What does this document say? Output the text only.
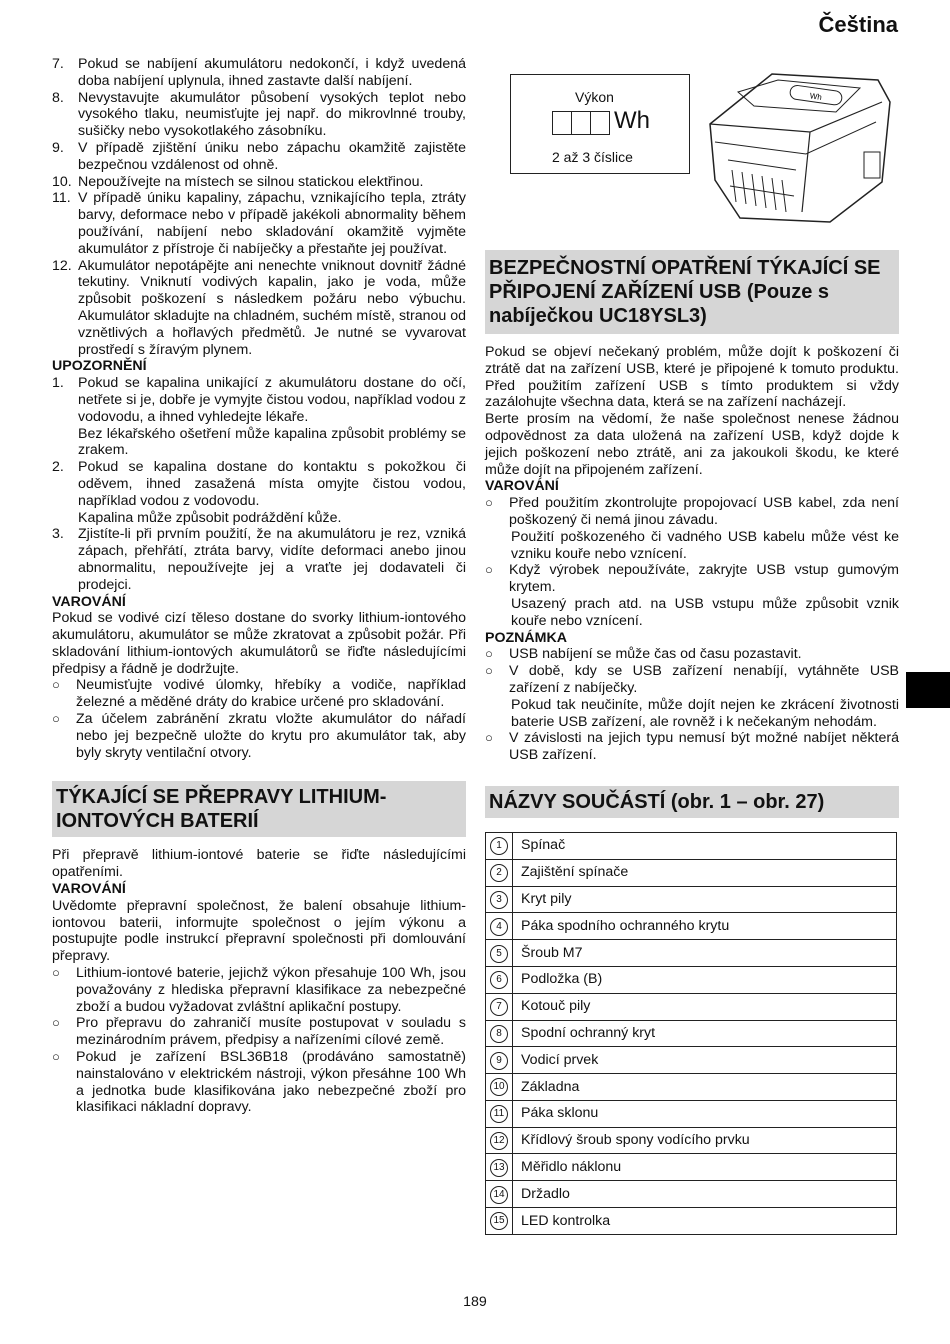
Čeština
7. Pokud se nabíjení akumulátoru nedokončí, i když uvedená doba nabíjení uplynula, ihned zastavte další nabíjení.
8. Nevystavujte akumulátor působení vysokých teplot nebo vysokého tlaku, neumisťujte jej např. do mikrovlnné trouby, sušičky nebo vysokotlakého zásobníku.
9. V případě zjištění úniku nebo zápachu okamžitě zajistěte bezpečnou vzdálenost od ohně.
10. Nepoužívejte na místech se silnou statickou elektřinou.
11. V případě úniku kapaliny, zápachu, vznikajícího tepla, ztráty barvy, deformace nebo v případě jakékoli abnormality během používání, nabíjení nebo skladování okamžitě vyjměte akumulátor z přístroje či nabíječky a přestaňte jej používat.
12. Akumulátor nepotápějte ani nenechte vniknout dovnitř žádné tekutiny. Vniknutí vodivých kapalin, jako je voda, může způsobit poškození s následkem požáru nebo výbuchu. Akumulátor skladujte na chladném, suchém místě, stranou od vznětlivých a hořlavých předmětů. Je nutné se vyvarovat prostředí s žíravým plynem.
UPOZORNĚNÍ
1. Pokud se kapalina unikající z akumulátoru dostane do očí, netřete si je, dobře je vymyjte čistou vodou, například vodou z vodovodu, a ihned vyhledejte lékaře.
Bez lékařského ošetření může kapalina způsobit problémy se zrakem.
2. Pokud se kapalina dostane do kontaktu s pokožkou či oděvem, ihned zasažená místa omyjte čistou vodou, například vodou z vodovodu.
Kapalina může způsobit podráždění kůže.
3. Zjistíte-li při prvním použití, že na akumulátoru je rez, vzniká zápach, přehřátí, ztráta barvy, vidíte deformaci anebo jinou abnormalitu, nepoužívejte jej a vraťte jej dodavateli či prodejci.
VAROVÁNÍ

Pokud se vodivé cizí těleso dostane do svorky lithium-iontového akumulátoru, akumulátor se může zkratovat a způsobit požár. Při skladování lithium-iontových akumulátorů se řiďte následujícími předpisy a řádně je dodržujte.

○	Neumisťujte vodivé úlomky, hřebíky a vodiče, například železné a měděné dráty do krabice určené pro skladování.
○	Za účelem zabránění zkratu vložte akumulátor do nářadí nebo jej bezpečně uložte do krytu pro akumulátor tak, aby byly skryty ventilační otvory.
TÝKAJÍCÍ SE PŘEPRAVY LITHIUM-IONTOVÝCH BATERIÍ

Při přepravě lithium-iontové baterie se řiďte následujícími opatřeními.

VAROVÁNÍ

Uvědomte přepravní společnost, že balení obsahuje lithium-iontovou baterii, informujte společnost o jejím výkonu a postupujte podle instrukcí přepravní společnosti při domlouvání přepravy.

○	Lithium-iontové baterie, jejichž výkon přesahuje 100 Wh, jsou považovány z hlediska přepravní klasifikace za nebezpečné zboží a budou vyžadovat zvláštní aplikační postupy.
○	Pro přepravu do zahraničí musíte postupovat v souladu s mezinárodním právem, předpisy a nařízeními cílové země.
○	Pokud je zařízení BSL36B18 (prodáváno samostatně) nainstalováno v elektrickém nástroji, výkon přesáhne 100 Wh a jednotka bude klasifikována jako nebezpečné zboží pro klasifikaci nákladní dopravy.
Wh
Výkon
Wh
2 až 3 číslice
BEZPEČNOSTNÍ OPATŘENÍ TÝKAJÍCÍ SE PŘIPOJENÍ ZAŘÍZENÍ USB (Pouze s nabíječkou UC18YSL3)

Pokud se objeví nečekaný problém, může dojít k poškození či ztrátě dat na zařízení USB, které je připojené k tomuto produktu. Před použitím zařízení USB s tímto produktem si vždy zazálohujte všechna data, která se na zařízení nacházejí.

Berte prosím na vědomí, že naše společnost nenese žádnou odpovědnost za data uložená na zařízení USB, když dojde k jejich poškození nebo ztrátě, ani za jakoukoli škodu, ke které může dojít na připojeném zařízení.

VAROVÁNÍ
○	Před použitím zkontrolujte propojovací USB kabel, zda není poškozený či nemá jinou závadu.
Použití poškozeného či vadného USB kabelu může vést ke vzniku kouře nebo vznícení.
○	Když výrobek nepoužíváte, zakryjte USB vstup gumovým krytem.
Usazený prach atd. na USB vstupu může způsobit vznik kouře nebo vznícení.
POZNÁMKA
○	USB nabíjení se může čas od času pozastavit.
○	V době, kdy se USB zařízení nenabíjí, vytáhněte USB zařízení z nabíječky.
Pokud tak neučiníte, může dojít nejen ke zkrácení životnosti baterie USB zařízení, ale rovněž i k nečekaným nehodám.
○	V závislosti na jejich typu nemusí být možné nabíjet některá USB zařízení.
NÁZVY SOUČÁSTÍ (obr. 1 – obr. 27)
1	Spínač
2	Zajištění spínače
3	Kryt pily
4	Páka spodního ochranného krytu
5	Šroub M7
6	Podložka (B)
7	Kotouč pily
8	Spodní ochranný kryt
9	Vodicí prvek
10	Základna
11	Páka sklonu
12	Křídlový šroub spony vodícího prvku
13	Měřidlo náklonu
14	Držadlo
15	LED kontrolka
189
